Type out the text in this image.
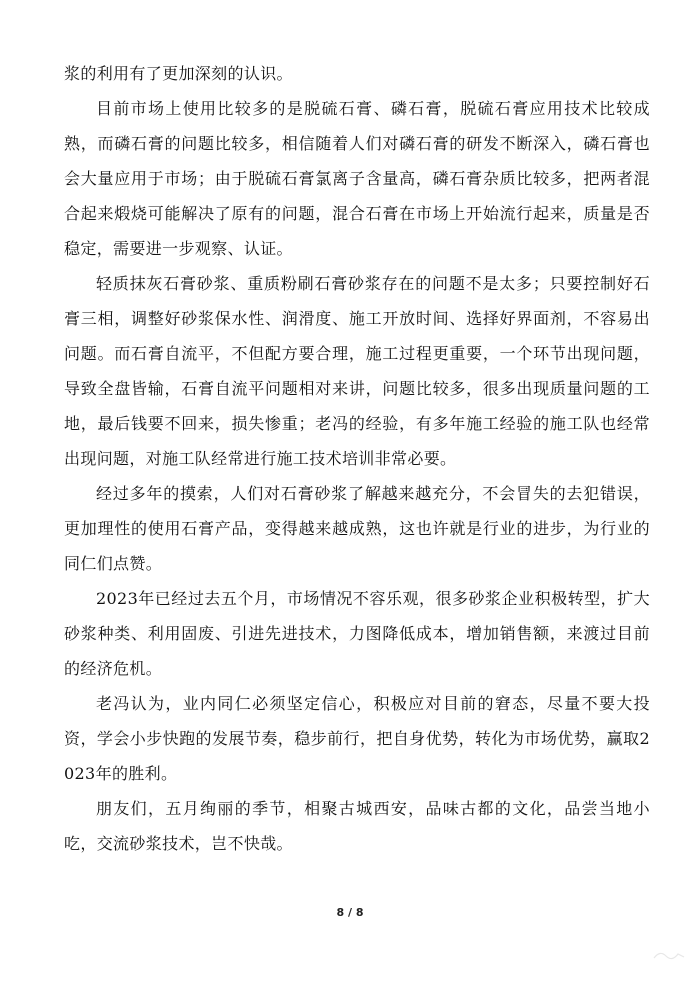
浆的利用有了更加深刻的认识。

目前市场上使用比较多的是脱硫石膏、磷石膏，脱硫石膏应用技术比较成熟，而磷石膏的问题比较多，相信随着人们对磷石膏的研发不断深入，磷石膏也会大量应用于市场；由于脱硫石膏氯离子含量高，磷石膏杂质比较多，把两者混合起来煅烧可能解决了原有的问题，混合石膏在市场上开始流行起来，质量是否稳定，需要进一步观察、认证。

轻质抹灰石膏砂浆、重质粉刷石膏砂浆存在的问题不是太多；只要控制好石膏三相，调整好砂浆保水性、润滑度、施工开放时间、选择好界面剂，不容易出问题。而石膏自流平，不但配方要合理，施工过程更重要，一个环节出现问题，导致全盘皆输，石膏自流平问题相对来讲，问题比较多，很多出现质量问题的工地，最后钱要不回来，损失惨重；老冯的经验，有多年施工经验的施工队也经常出现问题，对施工队经常进行施工技术培训非常必要。

经过多年的摸索，人们对石膏砂浆了解越来越充分，不会冒失的去犯错误，更加理性的使用石膏产品，变得越来越成熟，这也许就是行业的进步，为行业的同仁们点赞。

2023年已经过去五个月，市场情况不容乐观，很多砂浆企业积极转型，扩大砂浆种类、利用固废、引进先进技术，力图降低成本，增加销售额，来渡过目前的经济危机。

老冯认为，业内同仁必须坚定信心，积极应对目前的窘态，尽量不要大投资，学会小步快跑的发展节奏，稳步前行，把自身优势，转化为市场优势，赢取2023年的胜利。

朋友们，五月绚丽的季节，相聚古城西安，品味古都的文化，品尝当地小吃，交流砂浆技术，岂不快哉。

8 / 8
